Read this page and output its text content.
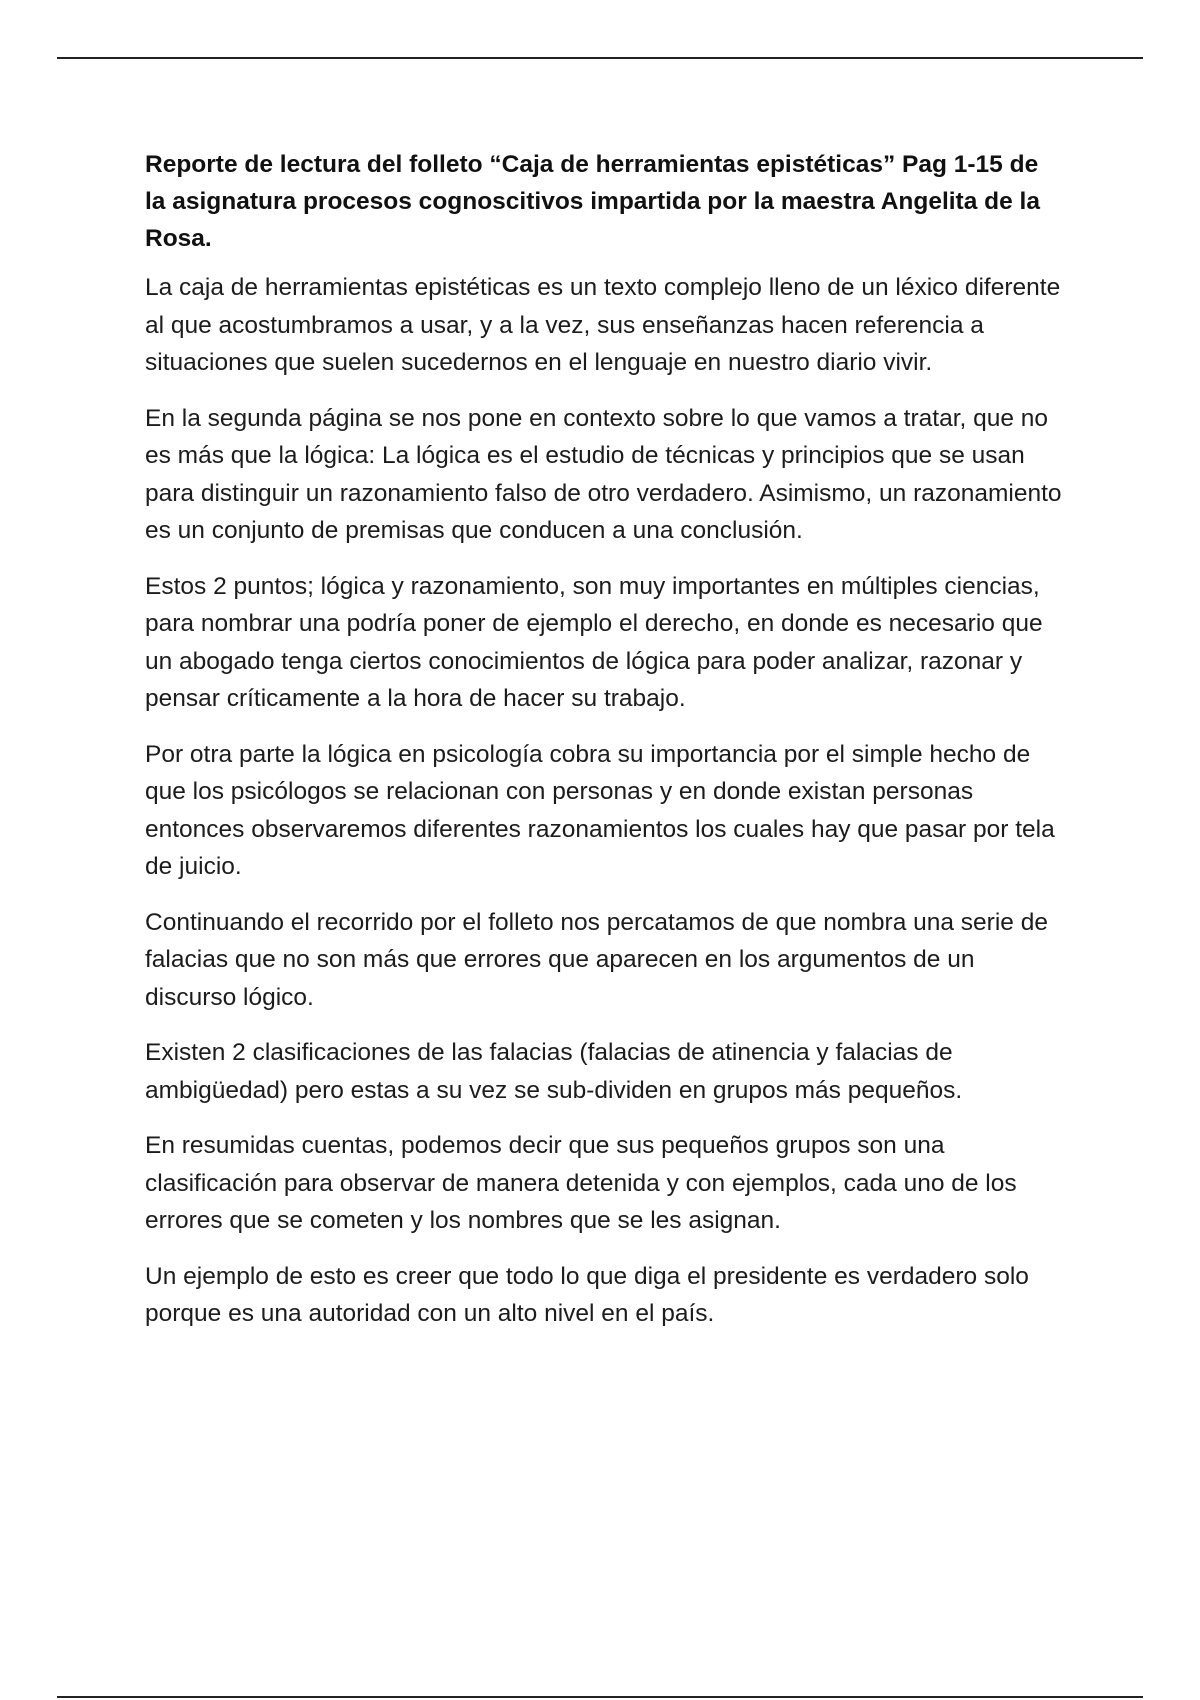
Reporte de lectura del folleto “Caja de herramientas epistéticas” Pag 1-15 de la asignatura procesos cognoscitivos impartida por la maestra Angelita de la Rosa.

La caja de herramientas epistéticas es un texto complejo lleno de un léxico diferente al que acostumbramos a usar, y a la vez, sus enseñanzas hacen referencia a situaciones que suelen sucedernos en el lenguaje en nuestro diario vivir.

En la segunda página se nos pone en contexto sobre lo que vamos a tratar, que no es más que la lógica: La lógica es el estudio de técnicas y principios que se usan para distinguir un razonamiento falso de otro verdadero. Asimismo, un razonamiento es un conjunto de premisas que conducen a una conclusión.

Estos 2 puntos; lógica y razonamiento, son muy importantes en múltiples ciencias, para nombrar una podría poner de ejemplo el derecho, en donde es necesario que un abogado tenga ciertos conocimientos de lógica para poder analizar, razonar y pensar críticamente a la hora de hacer su trabajo.

Por otra parte la lógica en psicología cobra su importancia por el simple hecho de que los psicólogos se relacionan con personas y en donde existan personas entonces observaremos diferentes razonamientos los cuales hay que pasar por tela de juicio.

Continuando el recorrido por el folleto nos percatamos de que nombra una serie de falacias que no son más que errores que aparecen en los argumentos de un discurso lógico.

Existen 2 clasificaciones de las falacias (falacias de atinencia y falacias de ambigüedad) pero estas a su vez se sub-dividen en grupos más pequeños.

En resumidas cuentas, podemos decir que sus pequeños grupos son una clasificación para observar de manera detenida y con ejemplos, cada uno de los errores que se cometen y los nombres que se les asignan.

Un ejemplo de esto es creer que todo lo que diga el presidente es verdadero solo porque es una autoridad con un alto nivel en el país.
